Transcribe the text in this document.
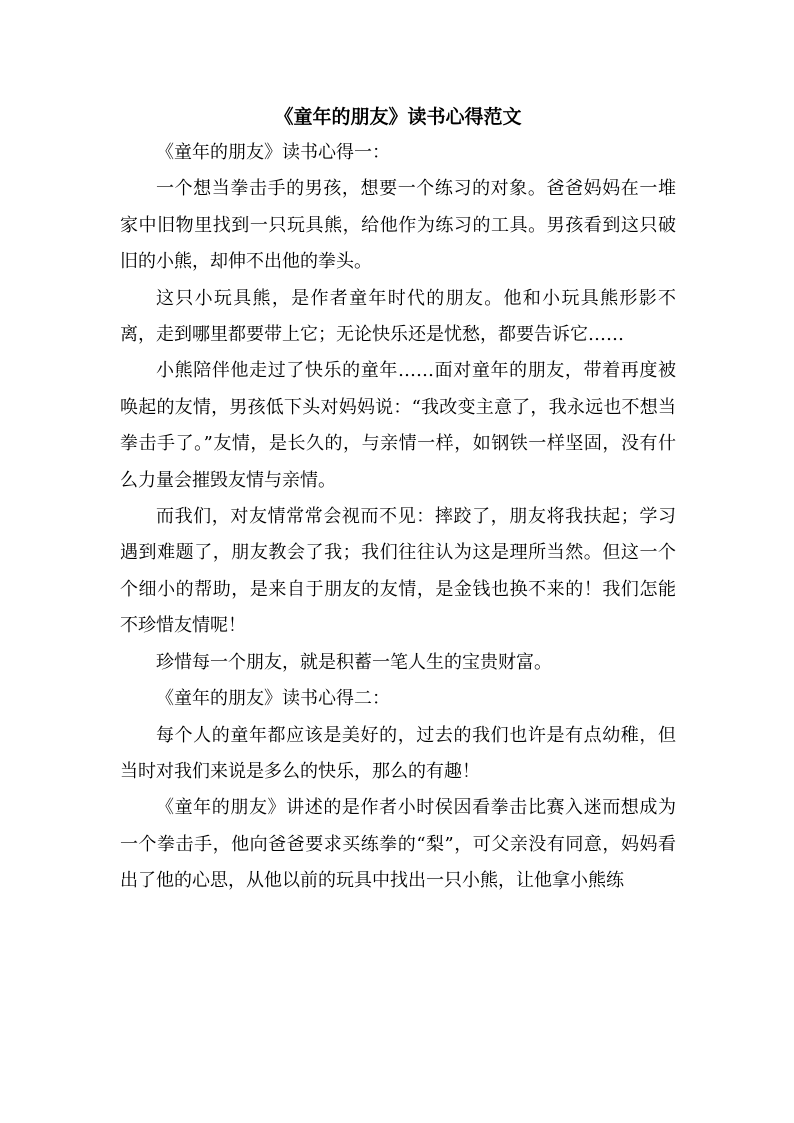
《童年的朋友》读书心得范文

《童年的朋友》读书心得一：

一个想当拳击手的男孩，想要一个练习的对象。爸爸妈妈在一堆家中旧物里找到一只玩具熊，给他作为练习的工具。男孩看到这只破旧的小熊，却伸不出他的拳头。

这只小玩具熊，是作者童年时代的朋友。他和小玩具熊形影不离，走到哪里都要带上它；无论快乐还是忧愁，都要告诉它……

小熊陪伴他走过了快乐的童年……面对童年的朋友，带着再度被唤起的友情，男孩低下头对妈妈说：“我改变主意了，我永远也不想当拳击手了。”友情，是长久的，与亲情一样，如钢铁一样坚固，没有什么力量会摧毁友情与亲情。

而我们，对友情常常会视而不见：摔跤了，朋友将我扶起；学习遇到难题了，朋友教会了我；我们往往认为这是理所当然。但这一个个细小的帮助，是来自于朋友的友情，是金钱也换不来的！我们怎能不珍惜友情呢！

珍惜每一个朋友，就是积蓄一笔人生的宝贵财富。

《童年的朋友》读书心得二：

每个人的童年都应该是美好的，过去的我们也许是有点幼稚，但当时对我们来说是多么的快乐，那么的有趣！

《童年的朋友》讲述的是作者小时侯因看拳击比赛入迷而想成为一个拳击手，他向爸爸要求买练拳的“梨”，可父亲没有同意，妈妈看出了他的心思，从他以前的玩具中找出一只小熊，让他拿小熊练
